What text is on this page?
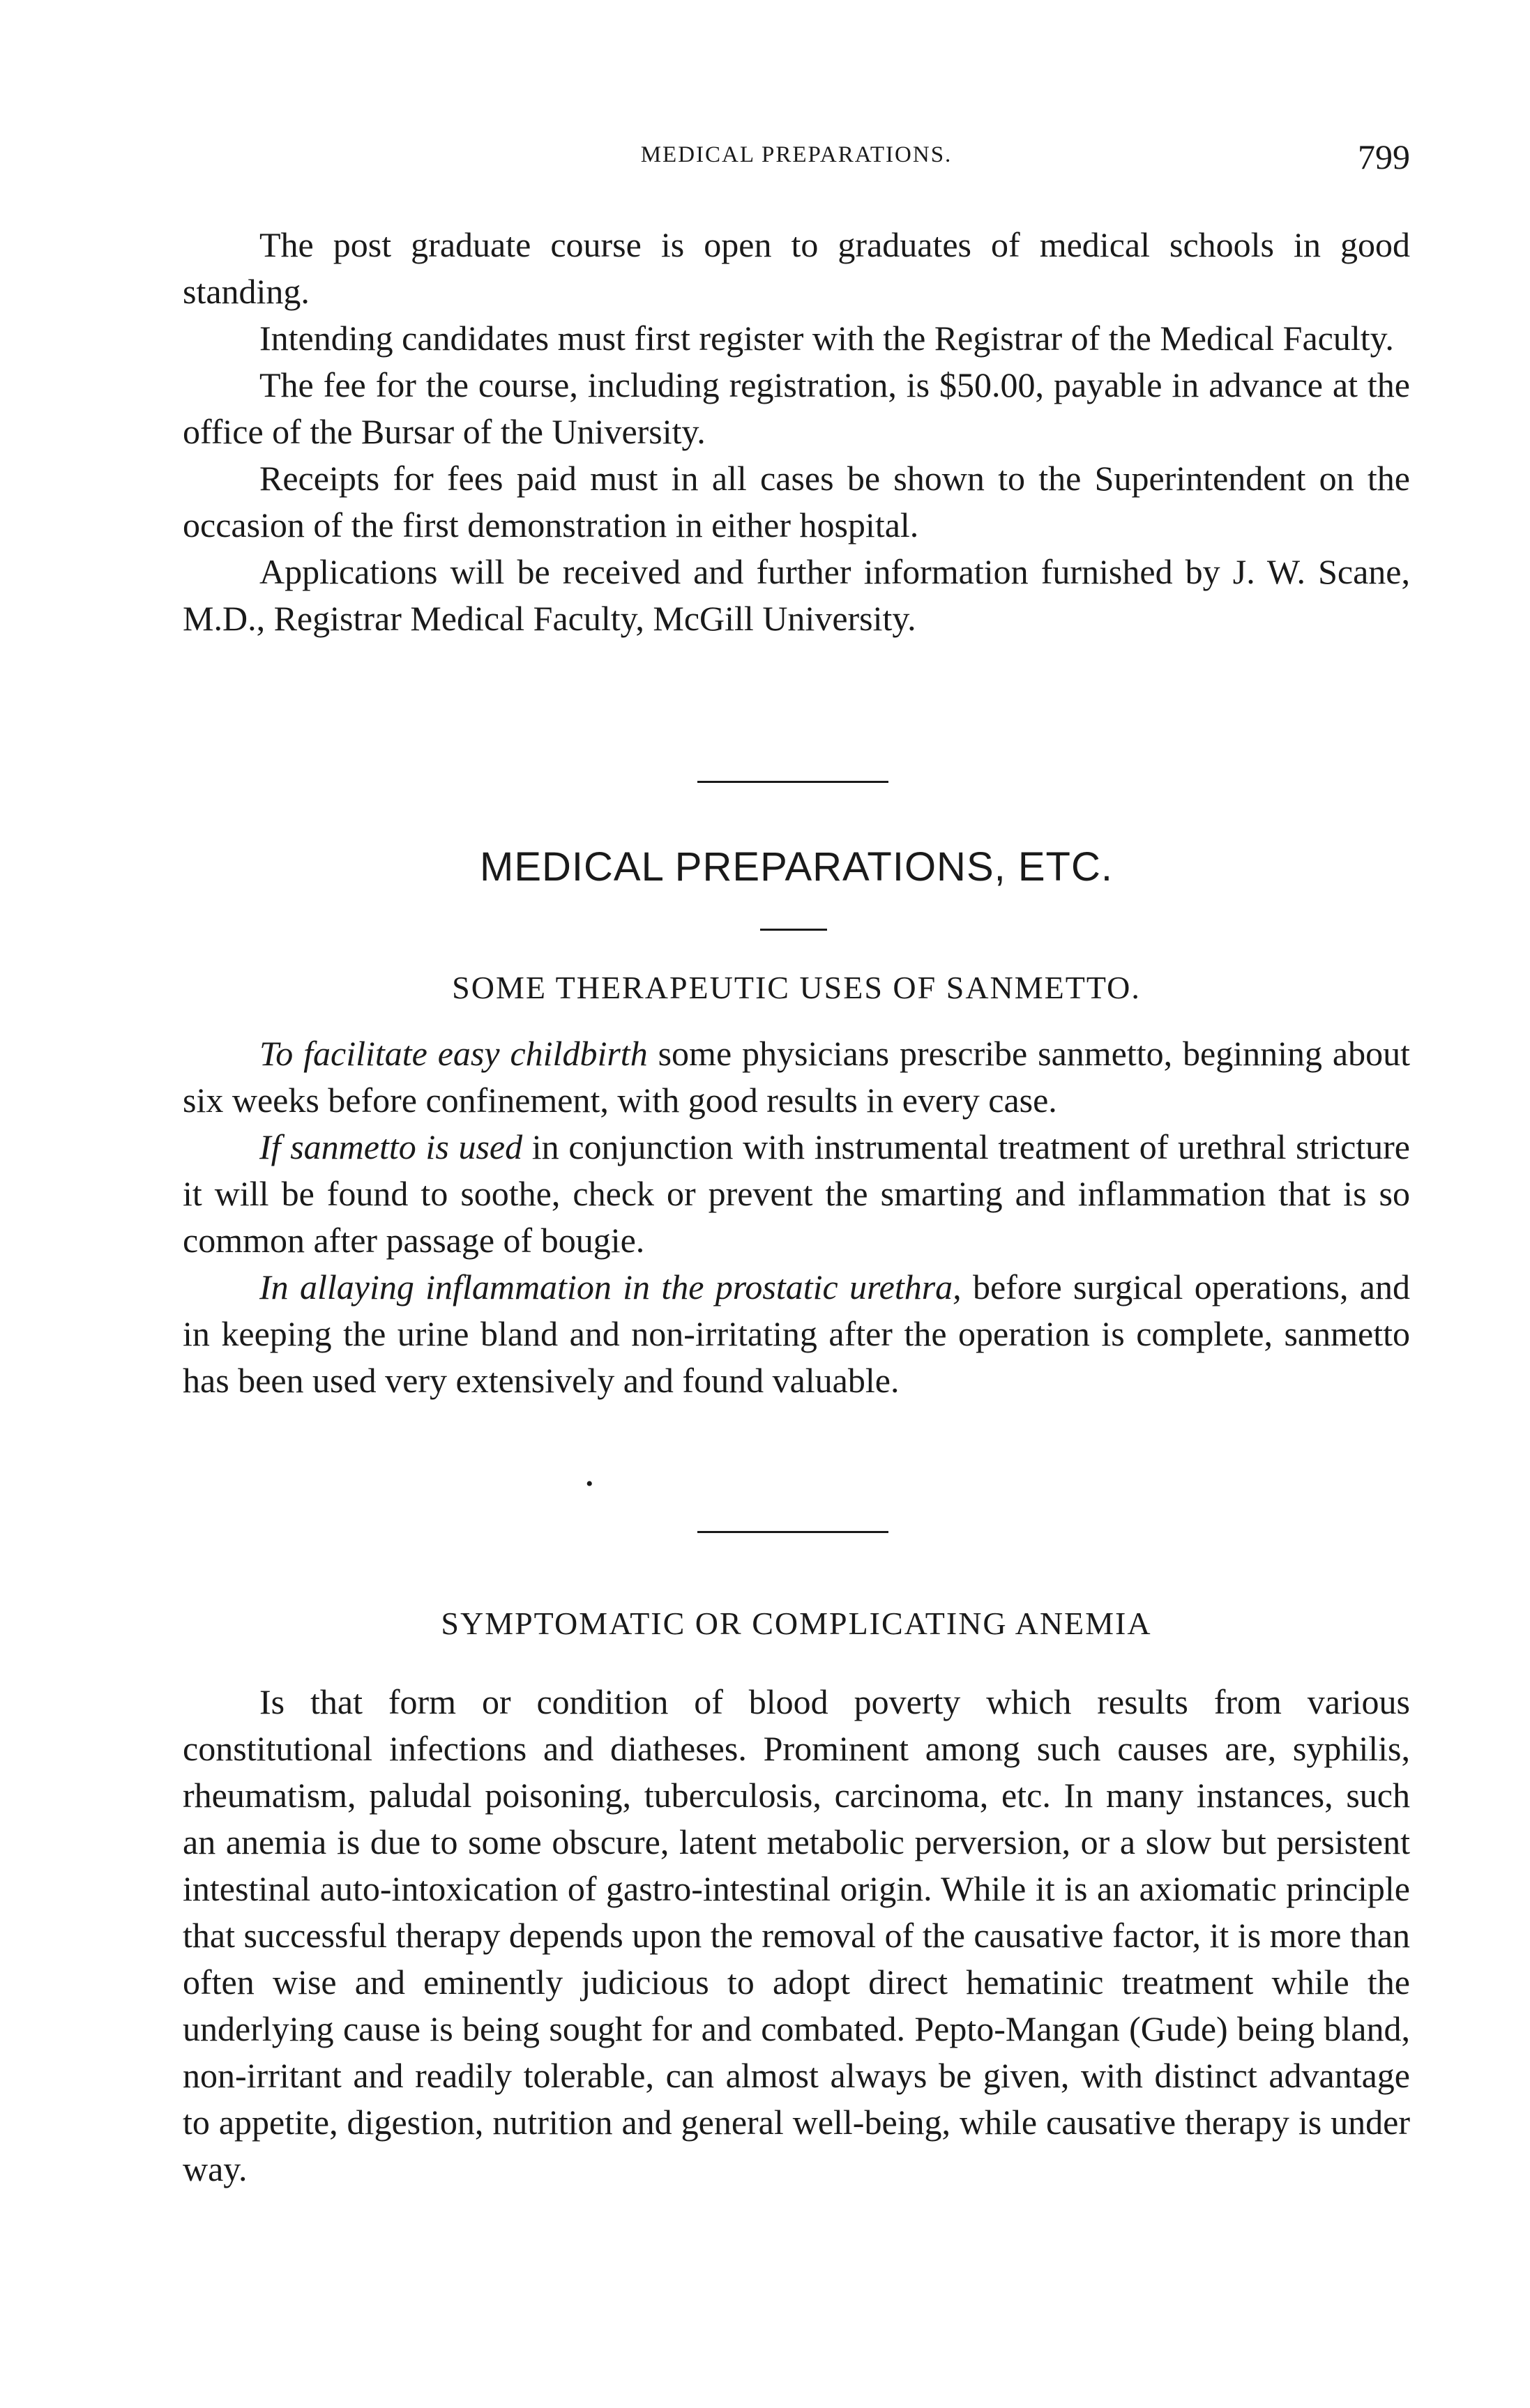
MEDICAL PREPARATIONS.	799

The post graduate course is open to graduates of medical schools in good standing.

Intending candidates must first register with the Registrar of the Medical Faculty.

The fee for the course, including registration, is $50.00, payable in advance at the office of the Bursar of the University.

Receipts for fees paid must in all cases be shown to the Superintendent on the occasion of the first demonstration in either hospital.

Applications will be received and further information furnished by J. W. Scane, M.D., Registrar Medical Faculty, McGill University.

MEDICAL PREPARATIONS, ETC.
SOME THERAPEUTIC USES OF SANMETTO.

To facilitate easy childbirth some physicians prescribe sanmetto, beginning about six weeks before confinement, with good results in every case.

If sanmetto is used in conjunction with instrumental treatment of urethral stricture it will be found to soothe, check or prevent the smarting and inflammation that is so common after passage of bougie.

In allaying inflammation in the prostatic urethra, before surgical operations, and in keeping the urine bland and non-irritating after the operation is complete, sanmetto has been used very extensively and found valuable.

•
SYMPTOMATIC OR COMPLICATING ANEMIA

Is that form or condition of blood poverty which results from various constitutional infections and diatheses. Prominent among such causes are, syphilis, rheumatism, paludal poisoning, tuberculosis, carcinoma, etc. In many instances, such an anemia is due to some obscure, latent metabolic perversion, or a slow but persistent intestinal auto-intoxication of gastro-intestinal origin. While it is an axiomatic principle that successful therapy depends upon the removal of the causative factor, it is more than often wise and eminently judicious to adopt direct hematinic treatment while the underlying cause is being sought for and combated. Pepto-Mangan (Gude) being bland, non-irritant and readily tolerable, can almost always be given, with distinct advantage to appetite, digestion, nutrition and general well-being, while causative therapy is under way.
